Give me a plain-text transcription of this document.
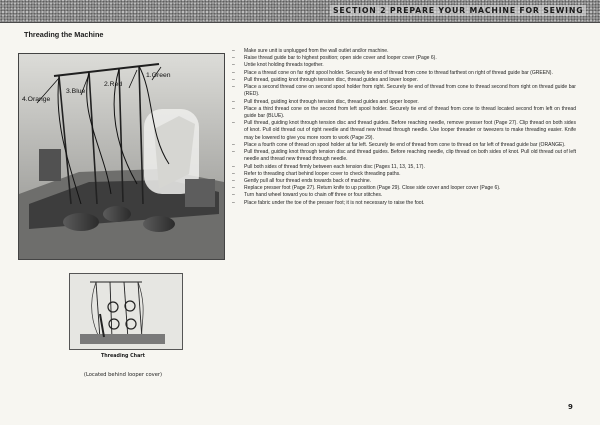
SECTION 2 PREPARE YOUR MACHINE FOR SEWING
Threading the Machine
1.Green
2.Red
3.Blue
4.Orange
Threading Chart
(Located behind looper cover)
– Make sure unit is unplugged from the wall outlet and/or machine.
– Raise thread guide bar to highest position; open side cover and looper cover (Page 6).
– Untie knot holding threads together.
– Place a thread cone on far right spool holder. Securely tie end of thread from cone to thread farthest on right of thread guide bar (GREEN).
– Pull thread, guiding knot through tension disc, thread guides and lower looper.
– Place a second thread cone on second spool holder from right. Securely tie end of thread from cone to thread second from right on thread guide bar (RED).
– Pull thread, guiding knot through tension disc, thread guides and upper looper.
– Place a third thread cone on the second from left spool holder. Securely tie end of thread from cone to thread located second from left on thread guide bar (BLUE).
– Pull thread, guiding knot through tension disc and thread guides. Before reaching needle, remove presser foot (Page 27). Clip thread on both sides of knot. Pull old thread out of right needle and thread new thread through needle. Use looper threader or tweezers to make threading easier. Knife may be lowered to give you more room to work (Page 29).
– Place a fourth cone of thread on spool holder at far left. Securely tie end of thread from cone to thread on far left of thread guide bar (ORANGE).
– Pull thread, guiding knot through tension disc and thread guides. Before reaching needle, clip thread on both sides of knot. Pull old thread out of left needle and thread new thread through needle.
– Pull both sides of thread firmly between each tension disc (Pages 11, 13, 15, 17).
– Refer to threading chart behind looper cover to check threading paths.
– Gently pull all four thread ends towards back of machine.
– Replace presser foot (Page 27). Return knife to up position (Page 29). Close side cover and looper cover (Page 6).
– Turn hand wheel toward you to chain off three or four stitches.
– Place fabric under the toe of the presser foot; it is not necessary to raise the foot.
9
